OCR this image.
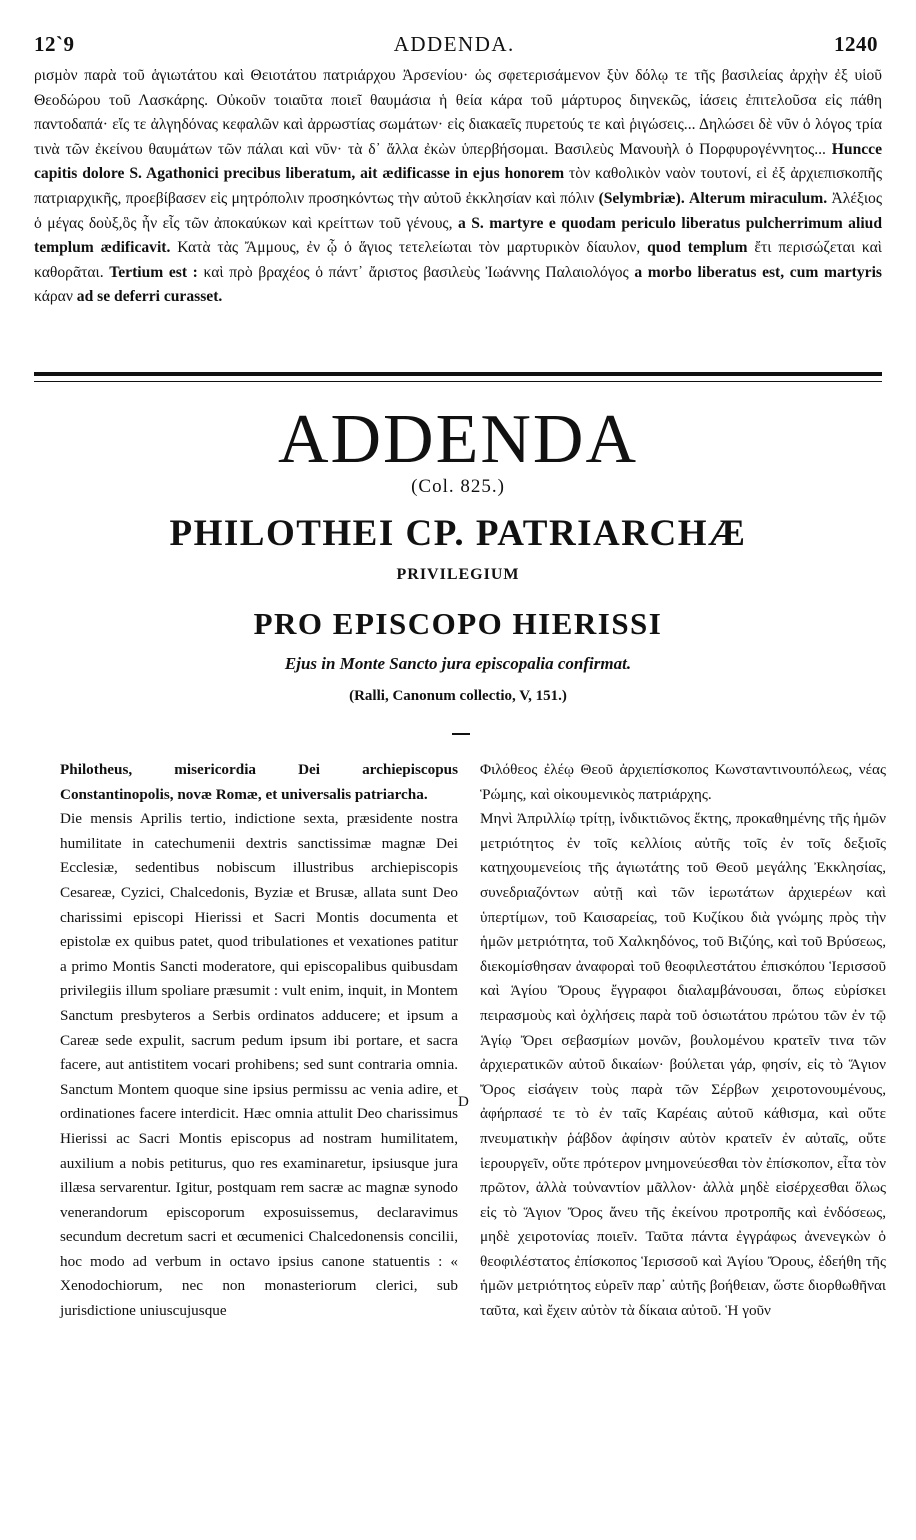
12`9	ADDENDA.	1240

ρισμὸν παρὰ τοῦ ἁγιωτάτου καὶ Θειοτάτου πατριάρχου Ἀρσενίου· ὡς σφετερισάμενον ξὺν δόλῳ τε τῆς βασιλείας ἀρχὴν ἐξ υἱοῦ Θεοδώρου τοῦ Λασκάρης. Οὐκοῦν τοιαῦτα ποιεῖ θαυμάσια ἡ θεία κάρα τοῦ μάρτυρος διηνεκῶς, ἰάσεις ἐπιτελοῦσα εἰς πάθη παντοδαπά· εἴς τε ἀλγηδόνας κεφαλῶν καὶ ἀρρωστίας σωμάτων· εἰς διακαεῖς πυρετούς τε καὶ ῥιγώσεις... Δηλώσει δὲ νῦν ὁ λόγος τρία τινὰ τῶν ἐκείνου θαυμάτων τῶν πάλαι καὶ νῦν· τὰ δ᾽ ἄλλα ἐκὼν ὑπερβήσομαι. Βασιλεὺς Μανουὴλ ὁ Πορφυρογέννητος... Huncce capitis dolore S. Agathonici precibus liberatum, ait ædificasse in ejus honorem τὸν καθολικὸν ναὸν τουτονί, εἰ ἐξ ἀρχιεπισκοπῆς πατριαρχικῆς, προεβίβασεν εἰς μητρόπολιν προσηκόντως τὴν αὐτοῦ ἐκκλησίαν καὶ πόλιν (Selymbriæ). Alterum miraculum. Ἀλέξιος ὁ μέγας δοὺξ,ὃς ἦν εἷς τῶν ἀποκαύκων καὶ κρείττων τοῦ γένους, a S. martyre e quodam periculo liberatus pulcherrimum aliud templum ædificavit. Κατὰ τὰς Ἄμμους, ἐν ᾧ ὁ ἅγιος τετελείωται τὸν μαρτυρικὸν δίαυλον, quod templum ἔτι περισώζεται καὶ καθορᾶται. Tertium est : καὶ πρὸ βραχέος ὁ πάντ᾽ ἄριστος βασιλεὺς Ἰωάννης Παλαιολόγος a morbo liberatus est, cum martyris κάραν ad se deferri curasset.

ADDENDA
(Col. 825.)
PHILOTHEI CP. PATRIARCHÆ
PRIVILEGIUM
PRO EPISCOPO HIERISSI
Ejus in Monte Sancto jura episcopalia confirmat.
(Ralli, Canonum collectio, V, 151.)

Philotheus, misericordia Dei archiepiscopus Constantinopolis, novæ Romæ, et universalis patriarcha.

Die mensis Aprilis tertio, indictione sexta, præsidente nostra humilitate in catechumenii dextris sanctissimæ magnæ Dei Ecclesiæ, sedentibus nobiscum illustribus archiepiscopis Cesareæ, Cyzici, Chalcedonis, Byziæ et Brusæ, allata sunt Deo charissimi episcopi Hierissi et Sacri Montis documenta et epistolæ ex quibus patet, quod tribulationes et vexationes patitur a primo Montis Sancti moderatore, qui episcopalibus quibusdam privilegiis illum spoliare præsumit : vult enim, inquit, in Montem Sanctum presbyteros a Serbis ordinatos adducere; et ipsum a Careæ sede expulit, sacrum pedum ipsum ibi portare, et sacra facere, aut antistitem vocari prohibens; sed sunt contraria omnia. Sanctum Montem quoque sine ipsius permissu ac venia adire, et ordinationes facere interdicit. Hæc omnia attulit Deo charissimus Hierissi ac Sacri Montis episcopus ad nostram humilitatem, auxilium a nobis petiturus, quo res examinaretur, ipsiusque jura illæsa servarentur. Igitur, postquam rem sacræ ac magnæ synodo venerandorum episcoporum exposuissemus, declaravimus secundum decretum sacri et œcumenici Chalcedonensis concilii, hoc modo ad verbum in octavo ipsius canone statuentis : « Xenodochiorum, nec non monasteriorum clerici, sub jurisdictione uniuscujusque

D

Φιλόθεος ἐλέῳ Θεοῦ ἀρχιεπίσκοπος Κωνσταντινουπόλεως, νέας Ῥώμης, καὶ οἰκουμενικὸς πατριάρχης.

Μηνὶ Ἀπριλλίῳ τρίτῃ, ἰνδικτιῶνος ἕκτης, προκαθημένης τῆς ἡμῶν μετριότητος ἐν τοῖς κελλίοις αὐτῆς τοῖς ἐν τοῖς δεξιοῖς κατηχουμενείοις τῆς ἁγιωτάτης τοῦ Θεοῦ μεγάλης Ἐκκλησίας, συνεδριαζόντων αὐτῇ καὶ τῶν ἱερωτάτων ἀρχιερέων καὶ ὑπερτίμων, τοῦ Καισαρείας, τοῦ Κυζίκου διὰ γνώμης πρὸς τὴν ἡμῶν μετριότητα, τοῦ Χαλκηδόνος, τοῦ Βιζύης, καὶ τοῦ Βρύσεως, διεκομίσθησαν ἀναφοραὶ τοῦ θεοφιλεστάτου ἐπισκόπου Ἱερισσοῦ καὶ Ἁγίου Ὄρους ἔγγραφοι διαλαμβάνουσαι, ὅπως εὑρίσκει πειρασμοὺς καὶ ὀχλήσεις παρὰ τοῦ ὁσιωτάτου πρώτου τῶν ἐν τῷ Ἁγίῳ Ὄρει σεβασμίων μονῶν, βουλομένου κρατεῖν τινα τῶν ἀρχιερατικῶν αὐτοῦ δικαίων· βούλεται γάρ, φησίν, εἰς τὸ Ἅγιον Ὄρος εἰσάγειν τοὺς παρὰ τῶν Σέρβων χειροτονουμένους, ἀφήρπασέ τε τὸ ἐν ταῖς Καρέαις αὐτοῦ κάθισμα, καὶ οὔτε πνευματικὴν ῥάβδον ἀφίησιν αὐτὸν κρατεῖν ἐν αὐταῖς, οὔτε ἱερουργεῖν, οὔτε πρότερον μνημονεύεσθαι τὸν ἐπίσκοπον, εἶτα τὸν πρῶτον, ἀλλὰ τοὐναντίον μᾶλλον· ἀλλὰ μηδὲ εἰσέρχεσθαι ὅλως εἰς τὸ Ἅγιον Ὄρος ἄνευ τῆς ἐκείνου προτροπῆς καὶ ἐνδόσεως, μηδὲ χειροτονίας ποιεῖν. Ταῦτα πάντα ἐγγράφως ἀνενεγκὼν ὁ θεοφιλέστατος ἐπίσκοπος Ἱερισσοῦ καὶ Ἁγίου Ὄρους, ἐδεήθη τῆς ἡμῶν μετριότητος εὑρεῖν παρ᾽ αὐτῆς βοήθειαν, ὥστε διορθωθῆναι ταῦτα, καὶ ἔχειν αὐτὸν τὰ δίκαια αὐτοῦ. Ἡ γοῦν
